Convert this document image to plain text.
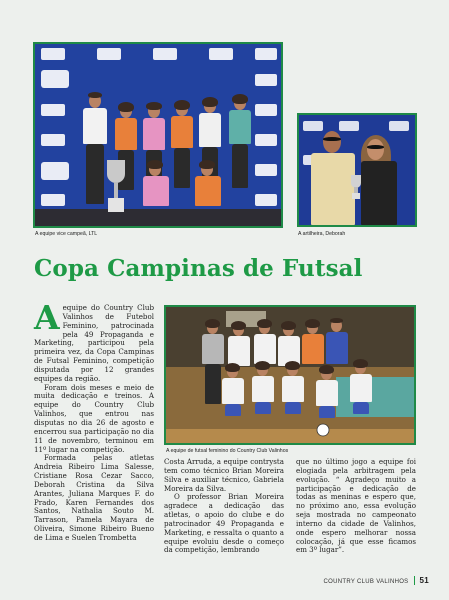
A equipe vice campeã, LTL	A artilheira, Deborah
Copa Campinas de Futsal

Aequipe do Country Club Valinhos de Futebol Feminino, patrocinada pela 49 Propaganda e Marketing, participou pela primeira vez, da Copa Campinas de Futsal Feminino, competição disputada por 12 grandes equipes da região.

Foram dois meses e meio de muita dedicação e treinos. A equipe do Country Club Valinhos, que entrou nas disputas no dia 26 de agosto e encerrou sua participação no dia 11 de novembro, terminou em 11º lugar na competição.

Formada pelas atletas Andreia Ribeiro Lima Salesse, Cristiane Rosa Cezar Sacco, Deborah Cristina da Silva Arantes, Juliana Marques F. do Prado, Karen Fernandes dos Santos, Nathalia Souto M. Tarrason, Pamela Mayara de Oliveira, Simone Ribeiro Bueno de Lima e Suelen Trombetta

A equipe de futsal feminino do Country Club Valinhos

Costa Arruda, a equipe contrysta tem como técnico Brian Moreira Silva e auxiliar técnico, Gabriela Moreira da Silva.

O professor Brian Moreira agradece a dedicação das atletas, o apoio do clube e do patrocinador 49 Propaganda e Marketing, e ressalta o quanto a equipe evoluiu desde o começo da competição, lembrando

que no último jogo a equipe foi elogiada pela arbitragem pela evolução. “ Agradeço muito a participação e dedicação de todas as meninas e espero que, no próximo ano, essa evolução seja mostrada no campeonato interno da cidade de Valinhos, onde espero melhorar nossa colocação, já que esse ficamos em 3º lugar”.

COUNTRY CLUB VALINHOS 51
